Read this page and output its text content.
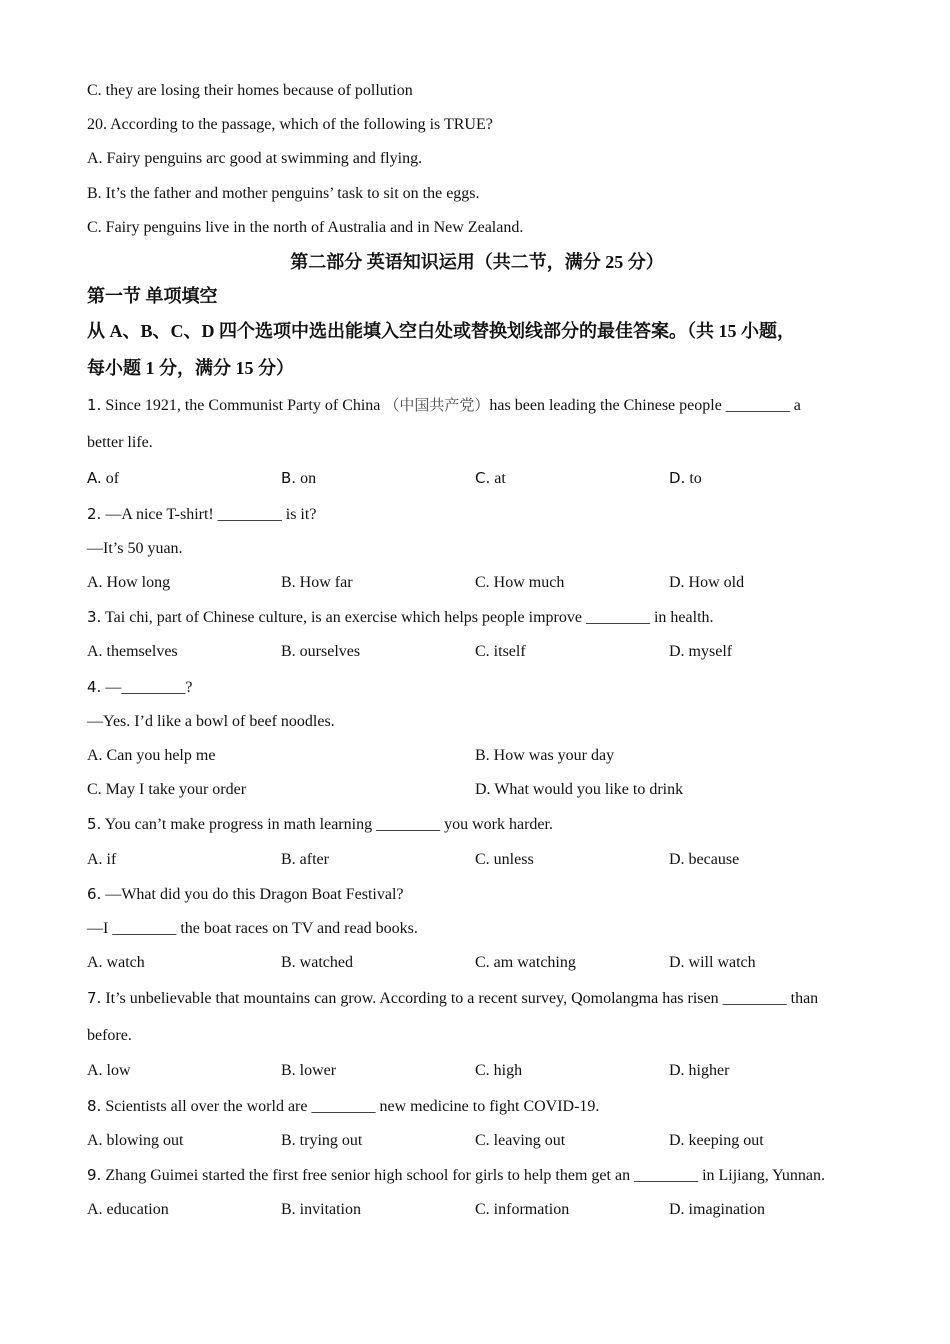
C. they are losing their homes because of pollution
20. According to the passage, which of the following is TRUE?
A. Fairy penguins arc good at swimming and flying.
B. It’s the father and mother penguins’ task to sit on the eggs.
C. Fairy penguins live in the north of Australia and in New Zealand.
第二部分 英语知识运用（共二节，满分 25 分）
第一节 单项填空
从 A、B、C、D 四个选项中选出能填入空白处或替换划线部分的最佳答案。（共 15 小题，
每小题 1 分，满分 15 分）
1. Since 1921, the Communist Party of China （中国共产党）has been leading the Chinese people ________ a
better life.
A. of	B. on	C. at	D. to
2. —A nice T-shirt! ________ is it?
—It’s 50 yuan.
A. How long	B. How far	C. How much	D. How old
3. Tai chi, part of Chinese culture, is an exercise which helps people improve ________ in health.
A. themselves	B. ourselves	C. itself	D. myself
4. —________?
—Yes. I’d like a bowl of beef noodles.
A. Can you help me	B. How was your day
C. May I take your order	D. What would you like to drink
5. You can’t make progress in math learning ________ you work harder.
A. if	B. after	C. unless	D. because
6. —What did you do this Dragon Boat Festival?
—I ________ the boat races on TV and read books.
A. watch	B. watched	C. am watching	D. will watch
7. It’s unbelievable that mountains can grow. According to a recent survey, Qomolangma has risen ________ than
before.
A. low	B. lower	C. high	D. higher
8. Scientists all over the world are ________ new medicine to fight COVID-19.
A. blowing out	B. trying out	C. leaving out	D. keeping out
9. Zhang Guimei started the first free senior high school for girls to help them get an ________ in Lijiang, Yunnan.
A. education	B. invitation	C. information	D. imagination
